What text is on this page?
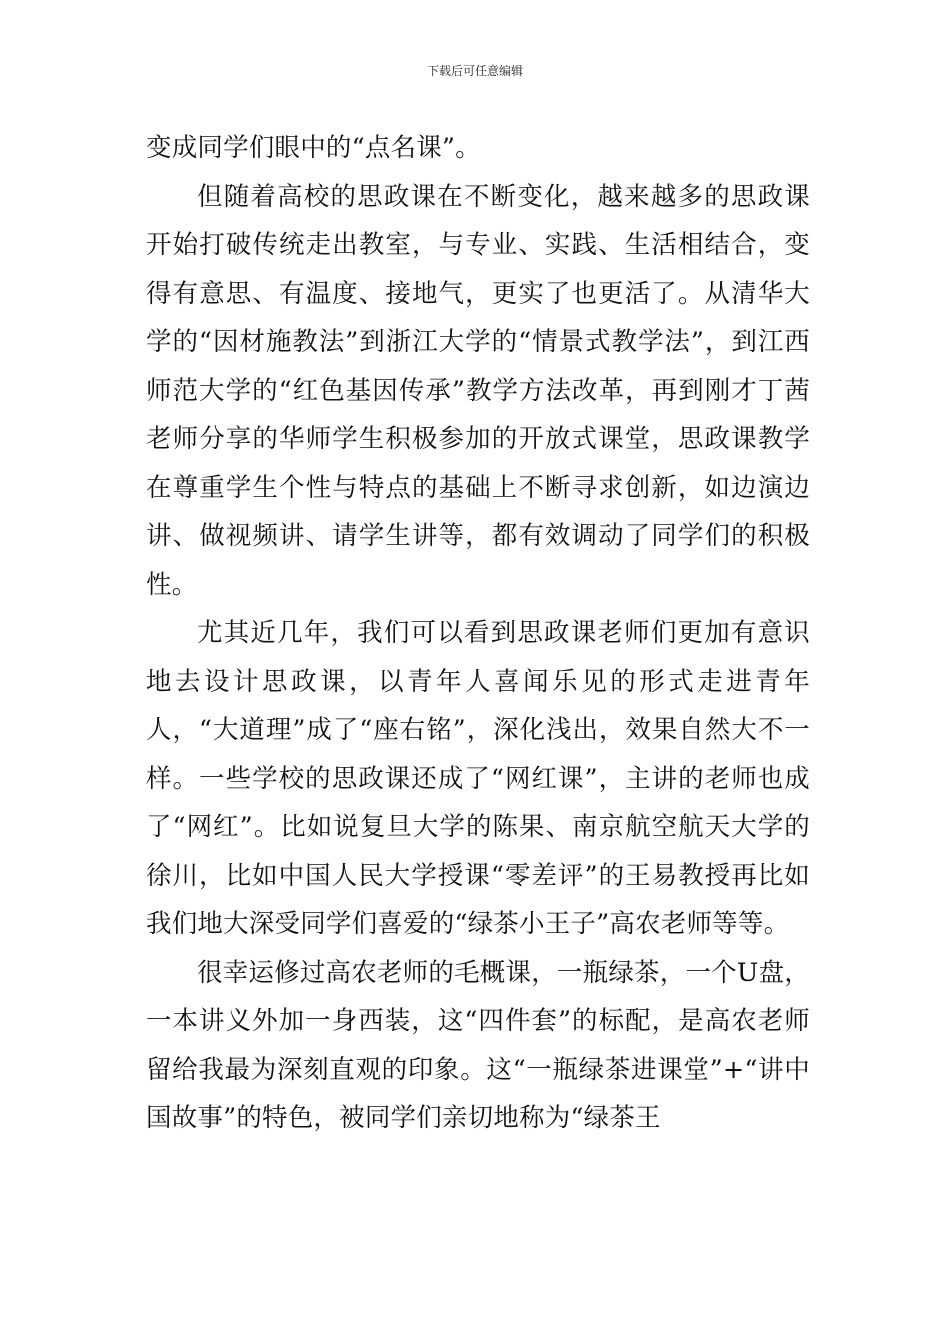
下载后可任意编辑

变成同学们眼中的“点名课”。

但随着高校的思政课在不断变化，越来越多的思政课开始打破传统走出教室，与专业、实践、生活相结合，变得有意思、有温度、接地气，更实了也更活了。从清华大学的“因材施教法”到浙江大学的“情景式教学法”，到江西师范大学的“红色基因传承”教学方法改革，再到刚才丁茜老师分享的华师学生积极参加的开放式课堂，思政课教学在尊重学生个性与特点的基础上不断寻求创新，如边演边讲、做视频讲、请学生讲等，都有效调动了同学们的积极性。

尤其近几年，我们可以看到思政课老师们更加有意识地去设计思政课，以青年人喜闻乐见的形式走进青年人，“大道理”成了“座右铭”，深化浅出，效果自然大不一样。一些学校的思政课还成了“网红课”，主讲的老师也成了“网红”。比如说复旦大学的陈果、南京航空航天大学的徐川，比如中国人民大学授课“零差评”的王易教授再比如我们地大深受同学们喜爱的“绿茶小王子”高农老师等等。

很幸运修过高农老师的毛概课，一瓶绿茶，一个U盘，一本讲义外加一身西装，这“四件套”的标配，是高农老师留给我最为深刻直观的印象。这“一瓶绿茶进课堂”+“讲中国故事”的特色，被同学们亲切地称为“绿茶王
